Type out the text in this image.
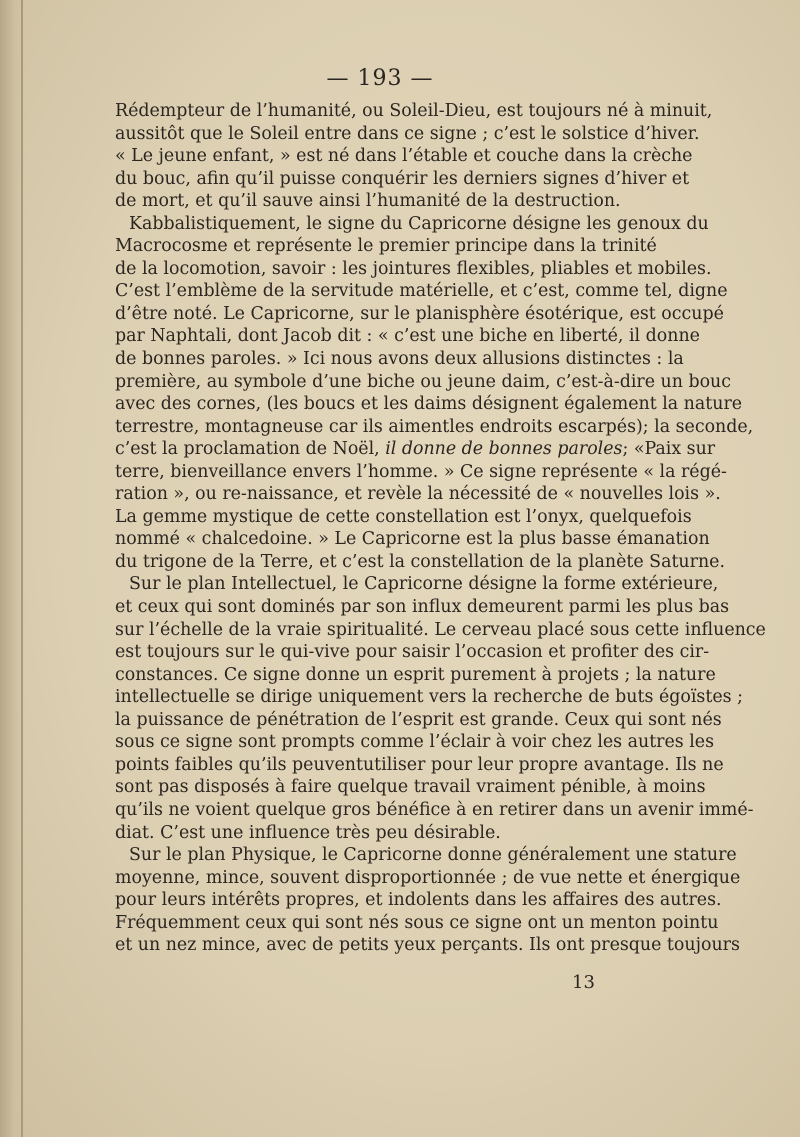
— 193 —
Rédempteur de l’humanité, ou Soleil-Dieu, est toujours né à minuit,
aussitôt que le Soleil entre dans ce signe ; c’est le solstice d’hiver.
« Le jeune enfant, » est né dans l’étable et couche dans la crèche
du bouc, afin qu’il puisse conquérir les derniers signes d’hiver et
de mort, et qu’il sauve ainsi l’humanité de la destruction.
Kabbalistiquement, le signe du Capricorne désigne les genoux du
Macrocosme et représente le premier principe dans la trinité
de la locomotion, savoir : les jointures flexibles, pliables et mobiles.
C’est l’emblème de la servitude matérielle, et c’est, comme tel, digne
d’être noté. Le Capricorne, sur le planisphère ésotérique, est occupé
par Naphtali, dont Jacob dit : « c’est une biche en liberté, il donne
de bonnes paroles. » Ici nous avons deux allusions distinctes : la
première, au symbole d’une biche ou jeune daim, c’est-à-dire un bouc
avec des cornes, (les boucs et les daims désignent également la nature
terrestre, montagneuse car ils aimentles endroits escarpés); la seconde,
c’est la proclamation de Noël, il donne de bonnes paroles; «Paix sur
terre, bienveillance envers l’homme. » Ce signe représente « la régé-
ration », ou re-naissance, et revèle la nécessité de « nouvelles lois ».
La gemme mystique de cette constellation est l’onyx, quelquefois
nommé « chalcedoine. » Le Capricorne est la plus basse émanation
du trigone de la Terre, et c’est la constellation de la planète Saturne.
Sur le plan Intellectuel, le Capricorne désigne la forme extérieure,
et ceux qui sont dominés par son influx demeurent parmi les plus bas
sur l’échelle de la vraie spiritualité. Le cerveau placé sous cette influence
est toujours sur le qui-vive pour saisir l’occasion et profiter des cir-
constances. Ce signe donne un esprit purement à projets ; la nature
intellectuelle se dirige uniquement vers la recherche de buts égoïstes ;
la puissance de pénétration de l’esprit est grande. Ceux qui sont nés
sous ce signe sont prompts comme l’éclair à voir chez les autres les
points faibles qu’ils peuventutiliser pour leur propre avantage. Ils ne
sont pas disposés à faire quelque travail vraiment pénible, à moins
qu’ils ne voient quelque gros bénéfice à en retirer dans un avenir immé-
diat. C’est une influence très peu désirable.
Sur le plan Physique, le Capricorne donne généralement une stature
moyenne, mince, souvent disproportionnée ; de vue nette et énergique
pour leurs intérêts propres, et indolents dans les affaires des autres.
Fréquemment ceux qui sont nés sous ce signe ont un menton pointu
et un nez mince, avec de petits yeux perçants. Ils ont presque toujours
13
